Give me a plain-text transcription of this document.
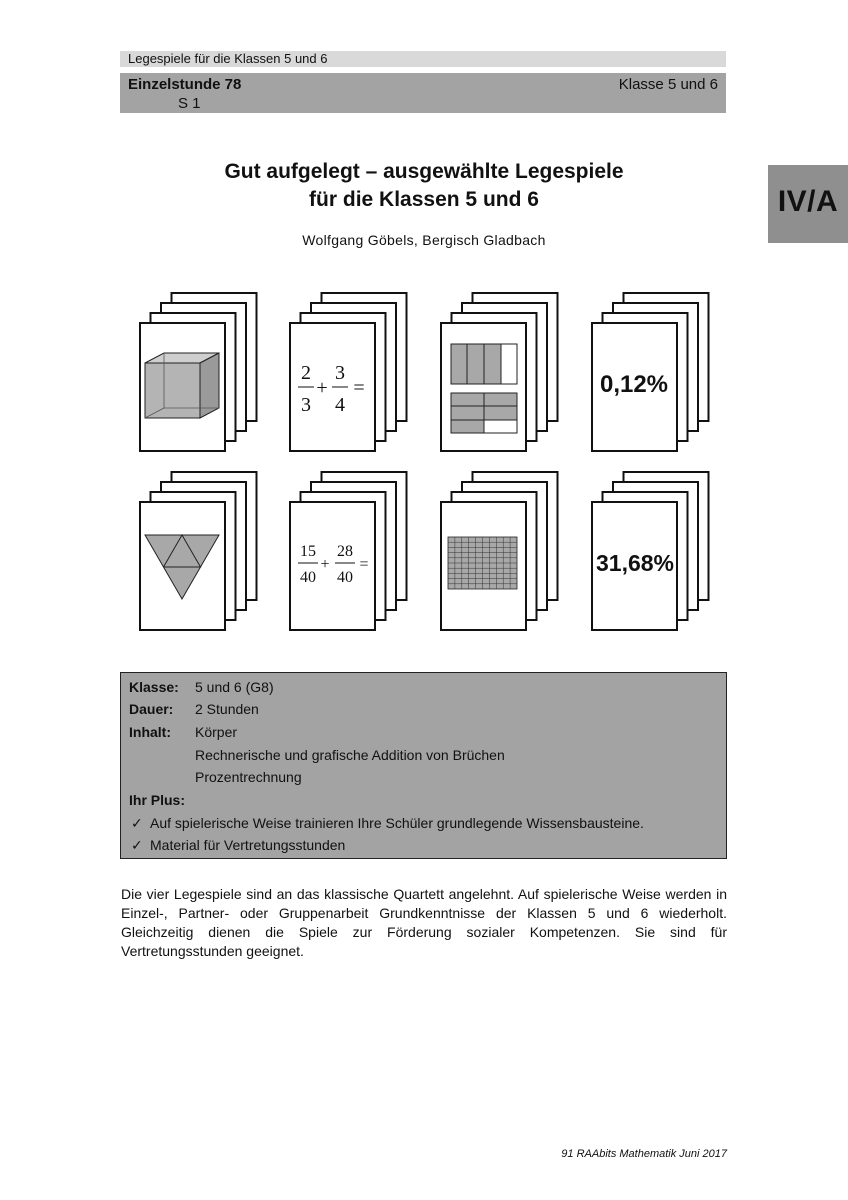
Legespiele für die Klassen 5 und 6
Einzelstunde 78	Klasse 5 und 6
S 1
IV/A
Gut aufgelegt – ausgewählte Legespiele
für die Klassen 5 und 6
Wolfgang Göbels, Bergisch Gladbach
2
3
+
3
4
=	0,12%
15
40
+
28
40
=	31,68%
Klasse: 5 und 6 (G8)
Dauer: 2 Stunden
Inhalt: Körper
Rechnerische und grafische Addition von Brüchen
Prozentrechnung
Ihr Plus:
✓ Auf spielerische Weise trainieren Ihre Schüler grundlegende Wissensbausteine.
✓ Material für Vertretungsstunden
Die vier Legespiele sind an das klassische Quartett angelehnt. Auf spielerische Weise werden in Einzel-, Partner- oder Gruppenarbeit Grundkenntnisse der Klassen 5 und 6 wiederholt. Gleichzeitig dienen die Spiele zur Förderung sozialer Kompetenzen. Sie sind für Vertretungsstunden geeignet.
91 RAAbits Mathematik Juni 2017
